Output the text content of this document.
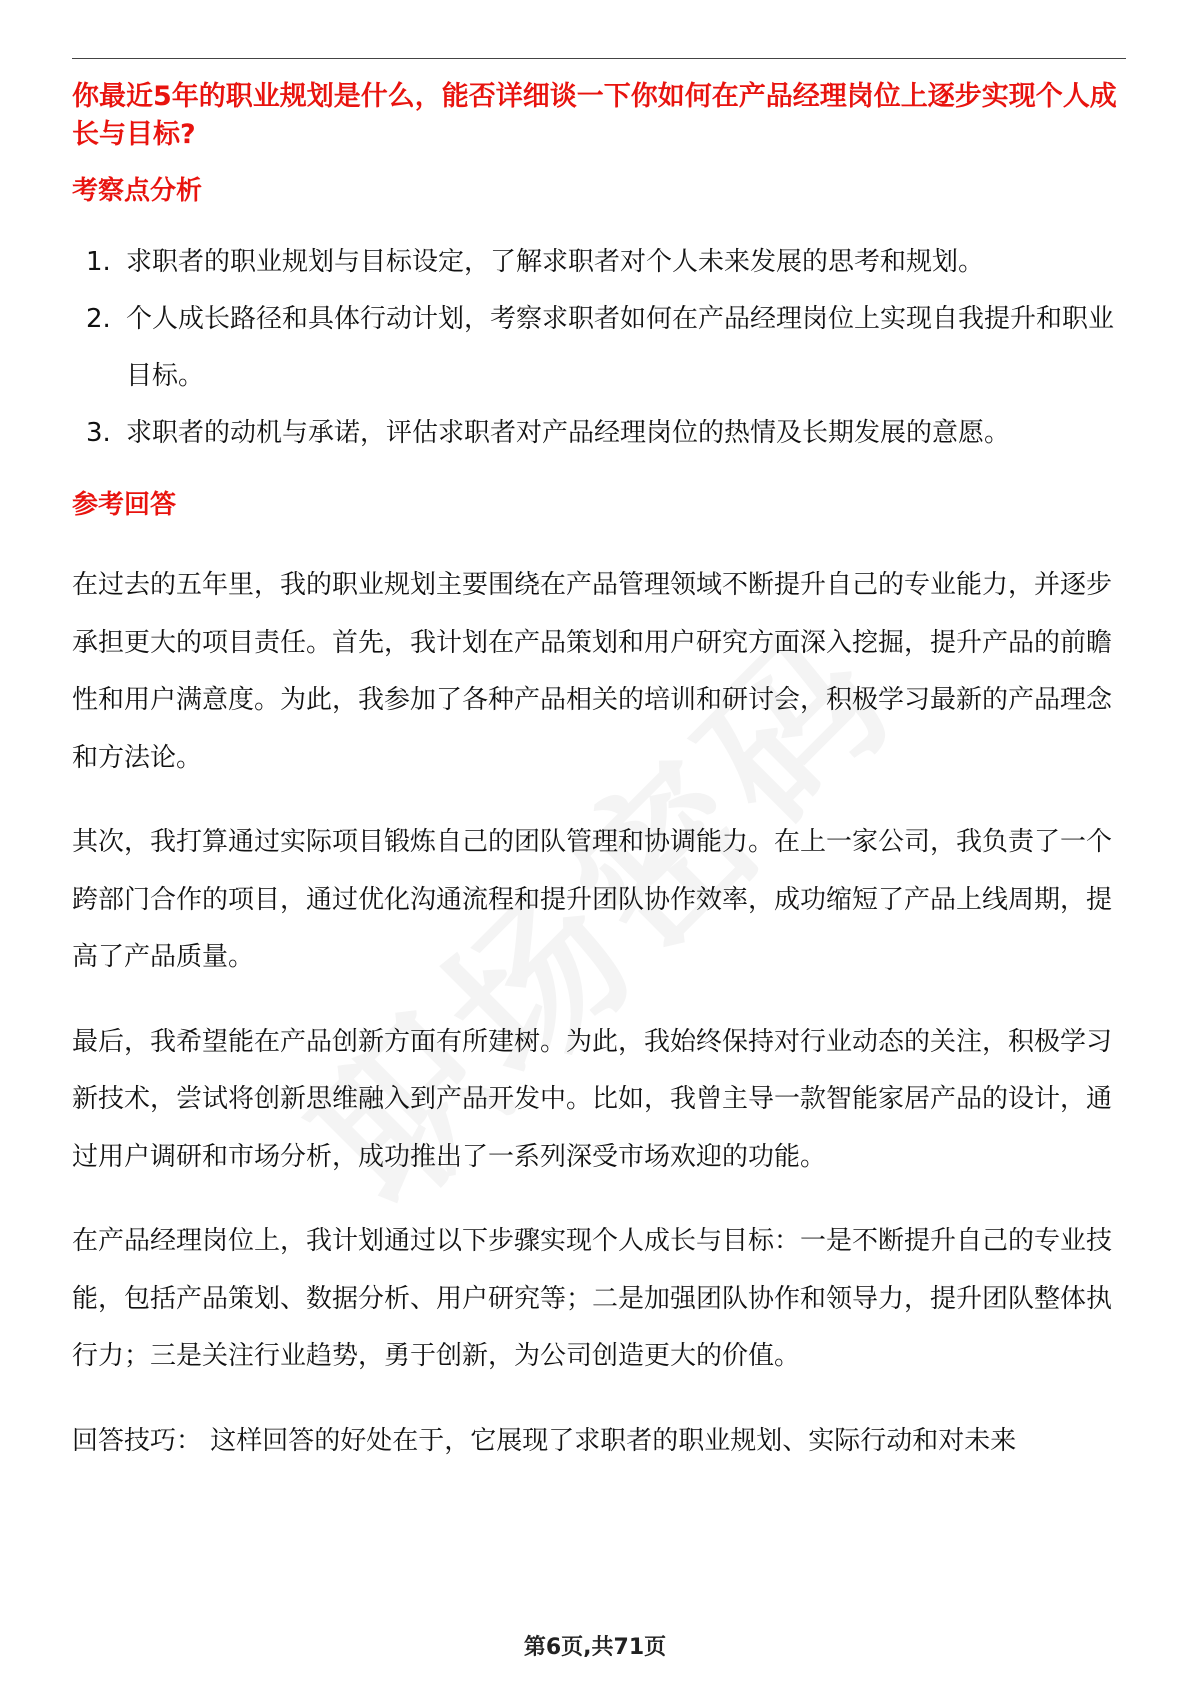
你最近5年的职业规划是什么，能否详细谈一下你如何在产品经理岗位上逐步实现个人成长与目标?

考察点分析
1. 求职者的职业规划与目标设定，了解求职者对个人未来发展的思考和规划。
2. 个人成长路径和具体行动计划，考察求职者如何在产品经理岗位上实现自我提升和职业目标。
3. 求职者的动机与承诺，评估求职者对产品经理岗位的热情及长期发展的意愿。
参考回答

在过去的五年里，我的职业规划主要围绕在产品管理领域不断提升自己的专业能力，并逐步承担更大的项目责任。首先，我计划在产品策划和用户研究方面深入挖掘，提升产品的前瞻性和用户满意度。为此，我参加了各种产品相关的培训和研讨会，积极学习最新的产品理念和方法论。

其次，我打算通过实际项目锻炼自己的团队管理和协调能力。在上一家公司，我负责了一个跨部门合作的项目，通过优化沟通流程和提升团队协作效率，成功缩短了产品上线周期，提高了产品质量。

最后，我希望能在产品创新方面有所建树。为此，我始终保持对行业动态的关注，积极学习新技术，尝试将创新思维融入到产品开发中。比如，我曾主导一款智能家居产品的设计，通过用户调研和市场分析，成功推出了一系列深受市场欢迎的功能。

在产品经理岗位上，我计划通过以下步骤实现个人成长与目标：一是不断提升自己的专业技能，包括产品策划、数据分析、用户研究等；二是加强团队协作和领导力，提升团队整体执行力；三是关注行业趋势，勇于创新，为公司创造更大的价值。

回答技巧： 这样回答的好处在于，它展现了求职者的职业规划、实际行动和对未来

第6页,共71页
